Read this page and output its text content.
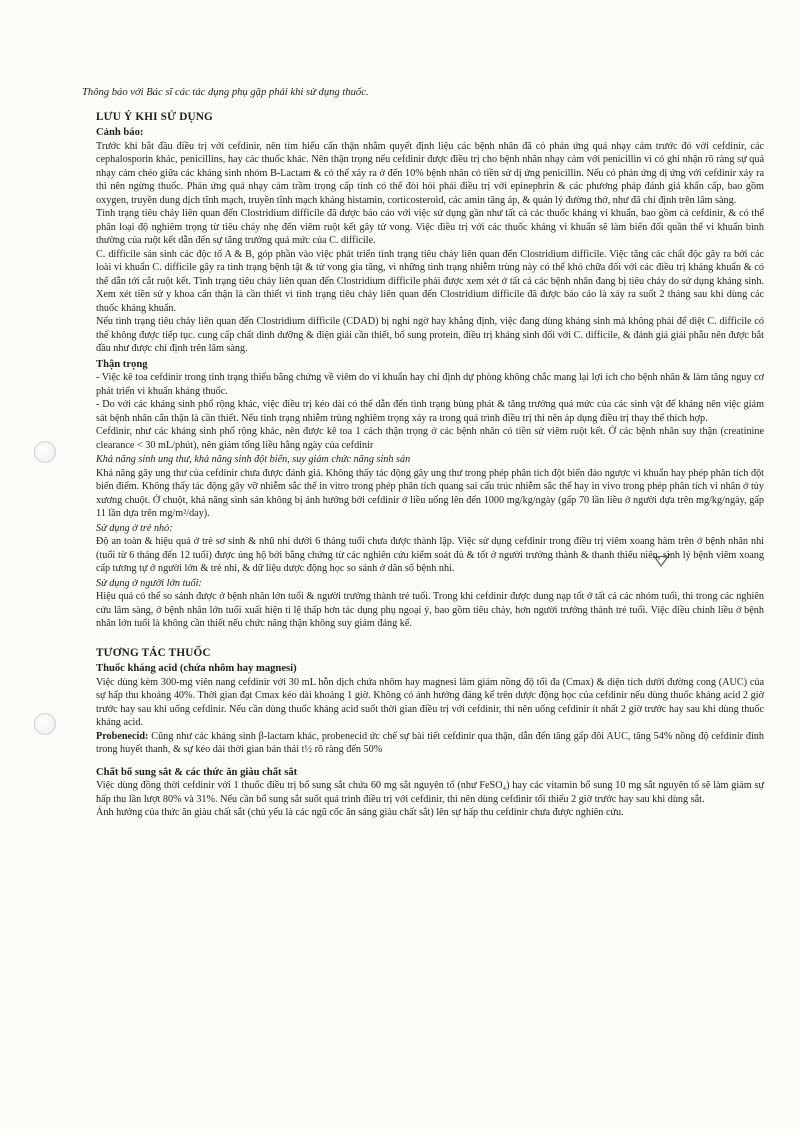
Thông báo với Bác sĩ các tác dụng phụ gặp phải khi sử dụng thuốc.

LƯU Ý KHI SỬ DỤNG

Cảnh báo:

Trước khi bắt đầu điều trị với cefdinir, nên tìm hiểu cẩn thận nhằm quyết định liệu các bệnh nhân đã có phản ứng quá nhạy cảm trước đó với cefdinir, các cephalosporin khác, penicillins, hay các thuốc khác. Nên thận trọng nếu cefdinir được điều trị cho bệnh nhân nhạy cảm với penicillin vì có ghi nhận rõ ràng sự quá nhạy cảm chéo giữa các kháng sinh nhóm B-Lactam & có thể xảy ra ở đến 10% bệnh nhân có tiền sử dị ứng penicillin. Nếu có phản ứng dị ứng với cefdinir xảy ra thì nên ngừng thuốc. Phản ứng quá nhạy cảm trầm trọng cấp tính có thể đòi hỏi phải điều trị với epinephrin & các phương pháp đánh giá khẩn cấp, bao gồm oxygen, truyền dung dịch tĩnh mạch, truyền tĩnh mạch kháng histamin, corticosteroid, các amin tăng áp, & quản lý đường thở, như đã chỉ định trên lâm sàng.

Tình trạng tiêu chảy liên quan đến Clostridium difficile đã được báo cáo với việc sử dụng gần như tất cả các thuốc kháng vi khuẩn, bao gồm cả cefdinir, & có thể phân loại độ nghiêm trọng từ tiêu chảy nhẹ đến viêm ruột kết gây tử vong. Việc điều trị với các thuốc kháng vi khuẩn sẽ làm biến đổi quần thể vi khuẩn bình thường của ruột kết dẫn đến sự tăng trưởng quá mức của C. difficile.

C. difficile sản sinh các độc tố A & B, góp phần vào việc phát triển tình trạng tiêu chảy liên quan đến Clostridium difficile. Việc tăng các chất độc gây ra bởi các loài vi khuẩn C. difficile gây ra tình trạng bệnh tật & tử vong gia tăng, vì những tình trạng nhiễm trùng này có thể khó chữa đối với các điều trị kháng khuẩn & có thể dẫn tới cắt ruột kết. Tình trạng tiêu chảy liên quan đến Clostridium difficile phải được xem xét ở tất cả các bệnh nhân đang bị tiêu chảy do sử dụng kháng sinh. Xem xét tiền sử y khoa cẩn thận là cần thiết vì tình trạng tiêu chảy liên quan đến Clostridium difficile đã được báo cáo là xảy ra suốt 2 tháng sau khi dùng các thuốc kháng khuẩn.

Nếu tình trạng tiêu chảy liên quan đến Clostridium difficile (CDAD) bị nghi ngờ hay khẳng định, việc đang dùng kháng sinh mà không phải để diệt C. difficile có thể không được tiếp tục. cung cấp chất dinh dưỡng & điện giải cần thiết, bổ sung protein, điều trị kháng sinh đối với C. difficile, & đánh giá giải phẫu nên được bắt đầu như được chỉ định trên lâm sàng.

Thận trọng

- Việc kê toa cefdinir trong tình trạng thiếu bằng chứng về viêm do vi khuẩn hay chỉ định dự phòng không chắc mang lại lợi ích cho bệnh nhân & làm tăng nguy cơ phát triển vi khuẩn kháng thuốc.

- Do với các kháng sinh phổ rộng khác, việc điều trị kéo dài có thể dẫn đến tình trạng bùng phát & tăng trưởng quá mức của các sinh vật để kháng nên việc giám sát bệnh nhân cẩn thận là cần thiết. Nếu tình trạng nhiễm trùng nghiêm trọng xảy ra trong quá trình điều trị thì nên áp dụng điều trị thay thế thích hợp.

Cefdinir, như các kháng sinh phổ rộng khác, nên được kê toa 1 cách thận trọng ở các bệnh nhân có tiền sử viêm ruột kết. Ở các bệnh nhân suy thận (creatinine clearance < 30 mL/phút), nên giảm tổng liều hằng ngày của cefdinir

Khả năng sinh ung thư, khả năng sinh đột biến, suy giảm chức năng sinh sản

Khả năng gây ung thư của cefdinir chưa được đánh giá. Không thấy tác động gây ung thư trong phép phân tích đột biến đảo ngược vi khuẩn hay phép phân tích đột biến điểm. Không thấy tác động gây vỡ nhiễm sắc thể in vitro trong phép phân tích quang sai cấu trúc nhiễm sắc thể hay in vivo trong phép phân tích vi nhân ở tủy xương chuột. Ở chuột, khả năng sinh sản không bị ảnh hưởng bởi cefdinir ở liều uống lên đến 1000 mg/kg/ngày (gấp 70 lần liều ở người dựa trên mg/kg/ngày, gấp 11 lần dựa trên mg/m²/day).

Sử dụng ở trẻ nhỏ:

Độ an toàn & hiệu quả ở trẻ sơ sinh & nhũ nhi dưới 6 tháng tuổi chưa được thành lập. Việc sử dụng cefdinir trong điều trị viêm xoang hàm trên ở bệnh nhân nhi (tuổi từ 6 tháng đến 12 tuổi) được ủng hộ bởi bằng chứng từ các nghiên cứu kiểm soát đủ & tốt ở người trưởng thành & thanh thiếu niên, sinh lý bệnh viêm xoang cấp tương tự ở người lớn & trẻ nhi, & dữ liệu dược động học so sánh ở dân số bệnh nhi.

Sử dụng ở người lớn tuổi:

Hiệu quả có thể so sánh được ở bệnh nhân lớn tuổi & người trưởng thành trẻ tuổi. Trong khi cefdinir được dung nạp tốt ở tất cả các nhóm tuổi, thì trong các nghiên cứu lâm sàng, ở bệnh nhân lớn tuổi xuất hiện tỉ lệ thấp hơn tác dụng phụ ngoại ý, bao gồm tiêu chảy, hơn người trưởng thành trẻ tuổi. Việc điều chỉnh liều ở bệnh nhân lớn tuổi là không cần thiết nếu chức năng thận không suy giảm đáng kể.

TƯƠNG TÁC THUỐC

Thuốc kháng acid (chứa nhôm hay magnesi)

Việc dùng kèm 300-mg viên nang cefdinir với 30 mL hỗn dịch chứa nhôm hay magnesi làm giảm nồng độ tối đa (Cmax) & diện tích dưới đường cong (AUC) của sự hấp thu khoảng 40%. Thời gian đạt Cmax kéo dài khoảng 1 giờ. Không có ảnh hưởng đáng kể trên dược động học của cefdinir nếu dùng thuốc kháng acid 2 giờ trước hay sau khi uống cefdinir. Nếu cần dùng thuốc kháng acid suốt thời gian điều trị với cefdinir, thì nên uống cefdinir ít nhất 2 giờ trước hay sau khi dùng thuốc kháng acid.

Probenecid: Cũng như các kháng sinh β-lactam khác, probenecid ức chế sự bài tiết cefdinir qua thận, dẫn đến tăng gấp đôi AUC, tăng 54% nồng độ cefdinir đỉnh trong huyết thanh, & sự kéo dài thời gian bán thải t½ rõ ràng đến 50%

Chất bổ sung sắt & các thức ăn giàu chất sắt

Việc dùng đồng thời cefdinir với 1 thuốc điều trị bổ sung sắt chứa 60 mg sắt nguyên tố (như FeSO₄) hay các vitamin bổ sung 10 mg sắt nguyên tố sẽ làm giảm sự hấp thu lần lượt 80% và 31%. Nếu cần bổ sung sắt suốt quá trình điều trị với cefdinir, thì nên dùng cefdinir tối thiểu 2 giờ trước hay sau khi dùng sắt.

Ảnh hưởng của thức ăn giàu chất sắt (chủ yếu là các ngũ cốc ăn sáng giàu chất sắt) lên sự hấp thu cefdinir chưa được nghiên cứu.
